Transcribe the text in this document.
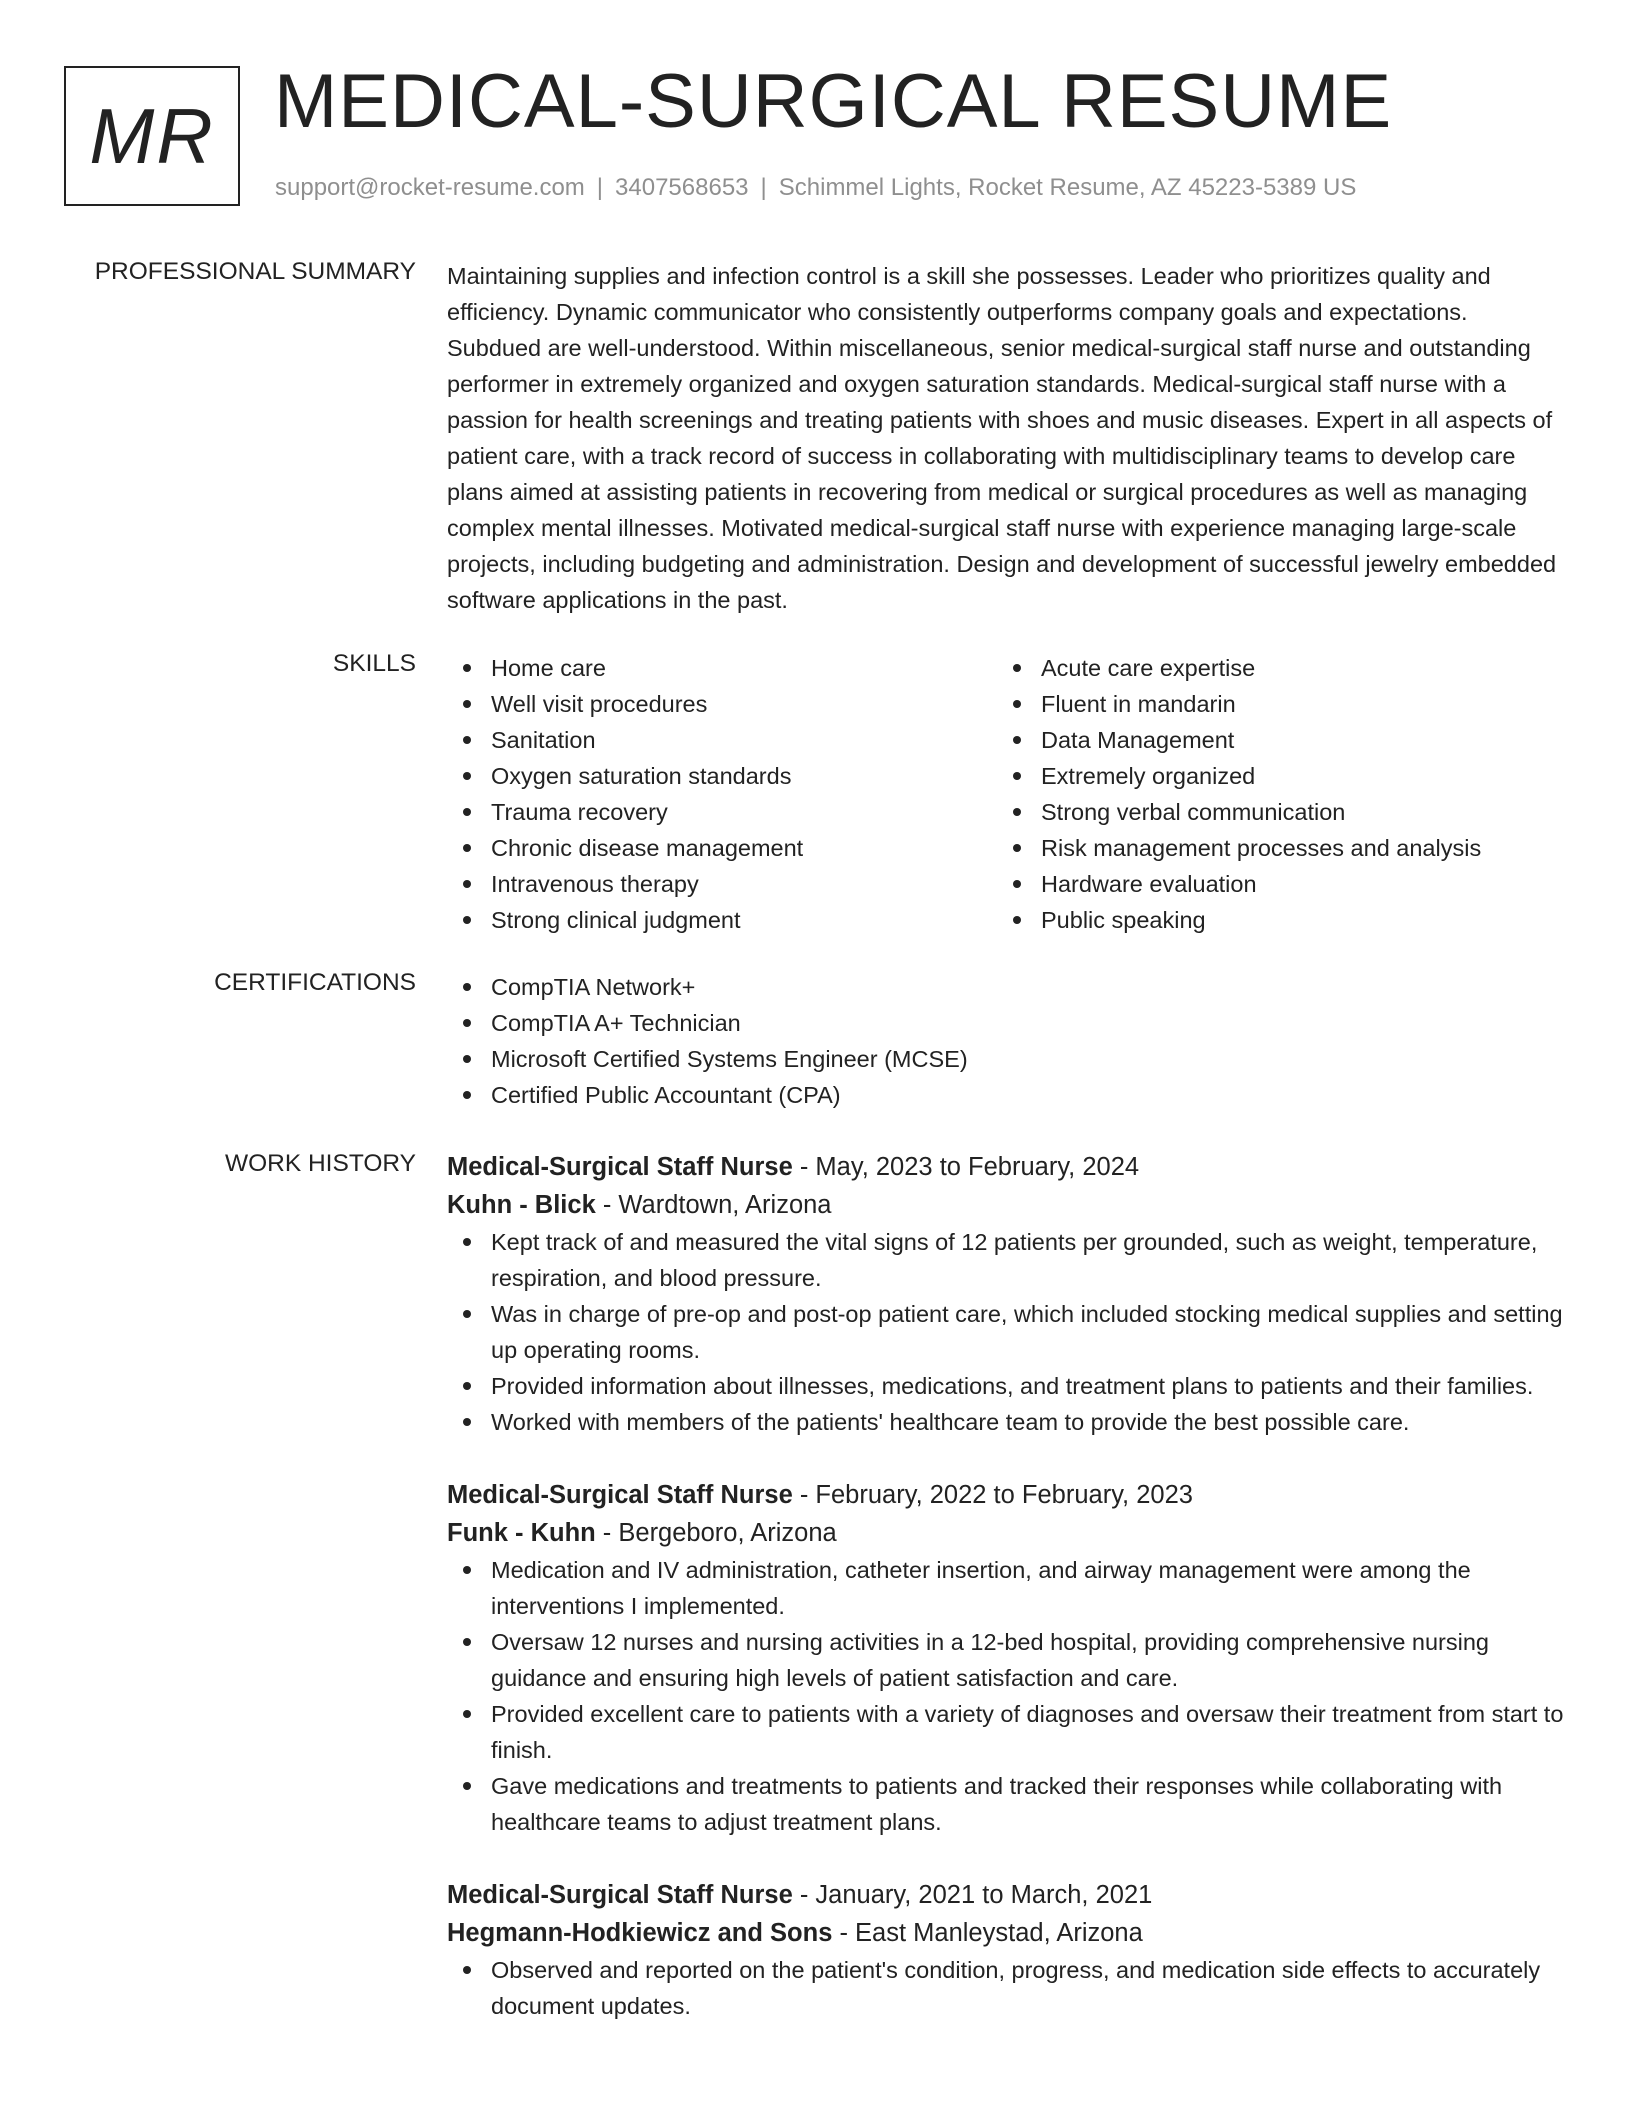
MR MEDICAL-SURGICAL RESUME
support@rocket-resume.com | 3407568653 | Schimmel Lights, Rocket Resume, AZ 45223-5389 US
PROFESSIONAL SUMMARY Maintaining supplies and infection control is a skill she possesses. Leader who prioritizes quality and efficiency. Dynamic communicator who consistently outperforms company goals and expectations. Subdued are well-understood. Within miscellaneous, senior medical-surgical staff nurse and outstanding performer in extremely organized and oxygen saturation standards. Medical-surgical staff nurse with a passion for health screenings and treating patients with shoes and music diseases. Expert in all aspects of patient care, with a track record of success in collaborating with multidisciplinary teams to develop care plans aimed at assisting patients in recovering from medical or surgical procedures as well as managing complex mental illnesses. Motivated medical-surgical staff nurse with experience managing large-scale projects, including budgeting and administration. Design and development of successful jewelry embedded software applications in the past.
SKILLS	Home care
Well visit procedures
Sanitation
Oxygen saturation standards
Trauma recovery
Chronic disease management
Intravenous therapy
Strong clinical judgment
Acute care expertise
Fluent in mandarin
Data Management
Extremely organized
Strong verbal communication
Risk management processes and analysis
Hardware evaluation
Public speaking
CERTIFICATIONS	CompTIA Network+
CompTIA A+ Technician
Microsoft Certified Systems Engineer (MCSE)
Certified Public Accountant (CPA)
WORK HISTORY Medical-Surgical Staff Nurse - May, 2023 to February, 2024
Kuhn - Blick - Wardtown, Arizona
Kept track of and measured the vital signs of 12 patients per grounded, such as weight, temperature, respiration, and blood pressure.
Was in charge of pre-op and post-op patient care, which included stocking medical supplies and setting up operating rooms.
Provided information about illnesses, medications, and treatment plans to patients and their families.
Worked with members of the patients' healthcare team to provide the best possible care.
Medical-Surgical Staff Nurse - February, 2022 to February, 2023
Funk - Kuhn - Bergeboro, Arizona
Medication and IV administration, catheter insertion, and airway management were among the interventions I implemented.
Oversaw 12 nurses and nursing activities in a 12-bed hospital, providing comprehensive nursing guidance and ensuring high levels of patient satisfaction and care.
Provided excellent care to patients with a variety of diagnoses and oversaw their treatment from start to finish.
Gave medications and treatments to patients and tracked their responses while collaborating with healthcare teams to adjust treatment plans.
Medical-Surgical Staff Nurse - January, 2021 to March, 2021
Hegmann-Hodkiewicz and Sons - East Manleystad, Arizona
Observed and reported on the patient's condition, progress, and medication side effects to accurately document updates.
